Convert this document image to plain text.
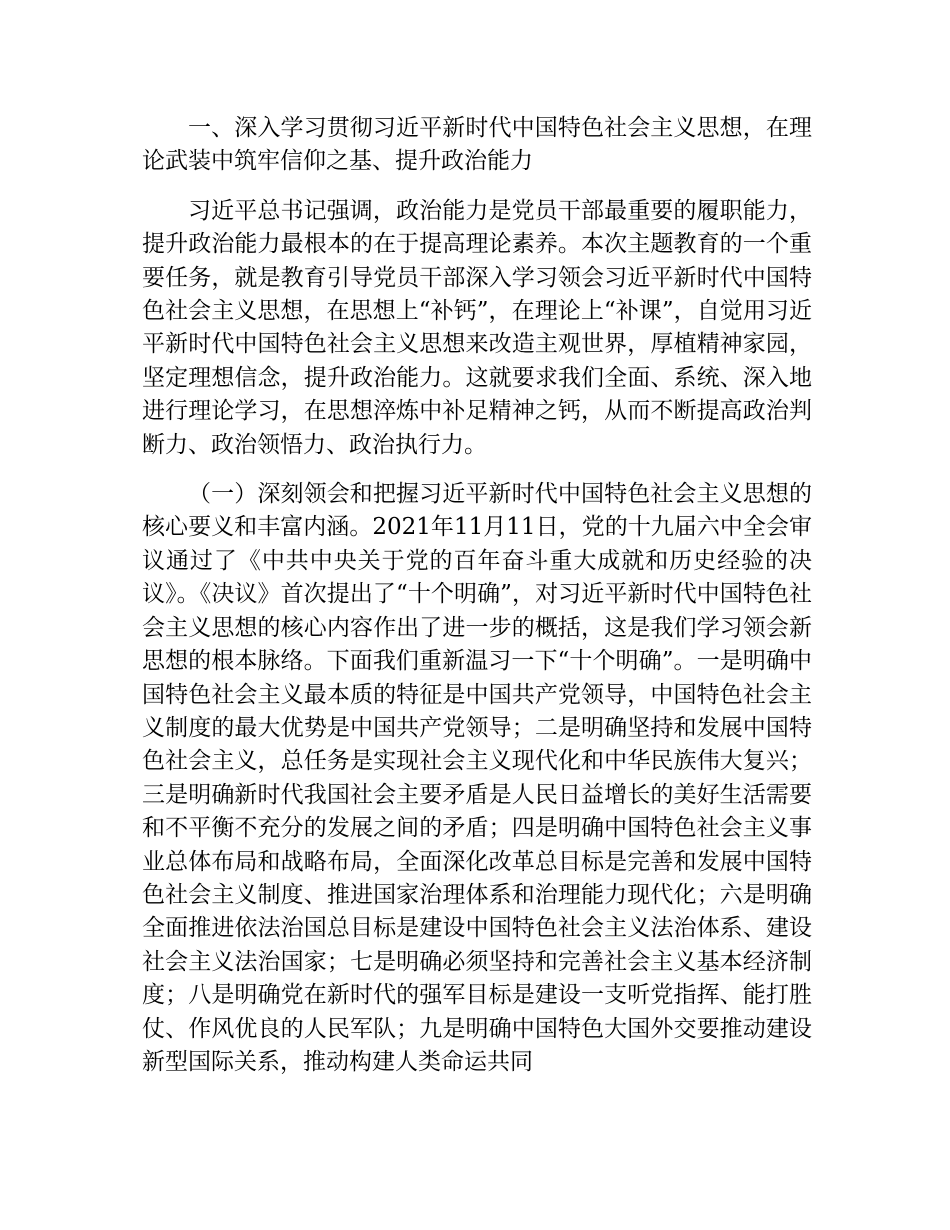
一、深入学习贯彻习近平新时代中国特色社会主义思想，在理论武装中筑牢信仰之基、提升政治能力

习近平总书记强调，政治能力是党员干部最重要的履职能力，提升政治能力最根本的在于提高理论素养。本次主题教育的一个重要任务，就是教育引导党员干部深入学习领会习近平新时代中国特色社会主义思想，在思想上“补钙”，在理论上“补课”，自觉用习近平新时代中国特色社会主义思想来改造主观世界，厚植精神家园，坚定理想信念，提升政治能力。这就要求我们全面、系统、深入地进行理论学习，在思想淬炼中补足精神之钙，从而不断提高政治判断力、政治领悟力、政治执行力。

（一）深刻领会和把握习近平新时代中国特色社会主义思想的核心要义和丰富内涵。2021年11月11日，党的十九届六中全会审议通过了《中共中央关于党的百年奋斗重大成就和历史经验的决议》。《决议》首次提出了“十个明确”，对习近平新时代中国特色社会主义思想的核心内容作出了进一步的概括，这是我们学习领会新思想的根本脉络。下面我们重新温习一下“十个明确”。一是明确中国特色社会主义最本质的特征是中国共产党领导，中国特色社会主义制度的最大优势是中国共产党领导；二是明确坚持和发展中国特色社会主义，总任务是实现社会主义现代化和中华民族伟大复兴；三是明确新时代我国社会主要矛盾是人民日益增长的美好生活需要和不平衡不充分的发展之间的矛盾；四是明确中国特色社会主义事业总体布局和战略布局，全面深化改革总目标是完善和发展中国特色社会主义制度、推进国家治理体系和治理能力现代化；六是明确全面推进依法治国总目标是建设中国特色社会主义法治体系、建设社会主义法治国家；七是明确必须坚持和完善社会主义基本经济制度；八是明确党在新时代的强军目标是建设一支听党指挥、能打胜仗、作风优良的人民军队；九是明确中国特色大国外交要推动建设新型国际关系，推动构建人类命运共同
